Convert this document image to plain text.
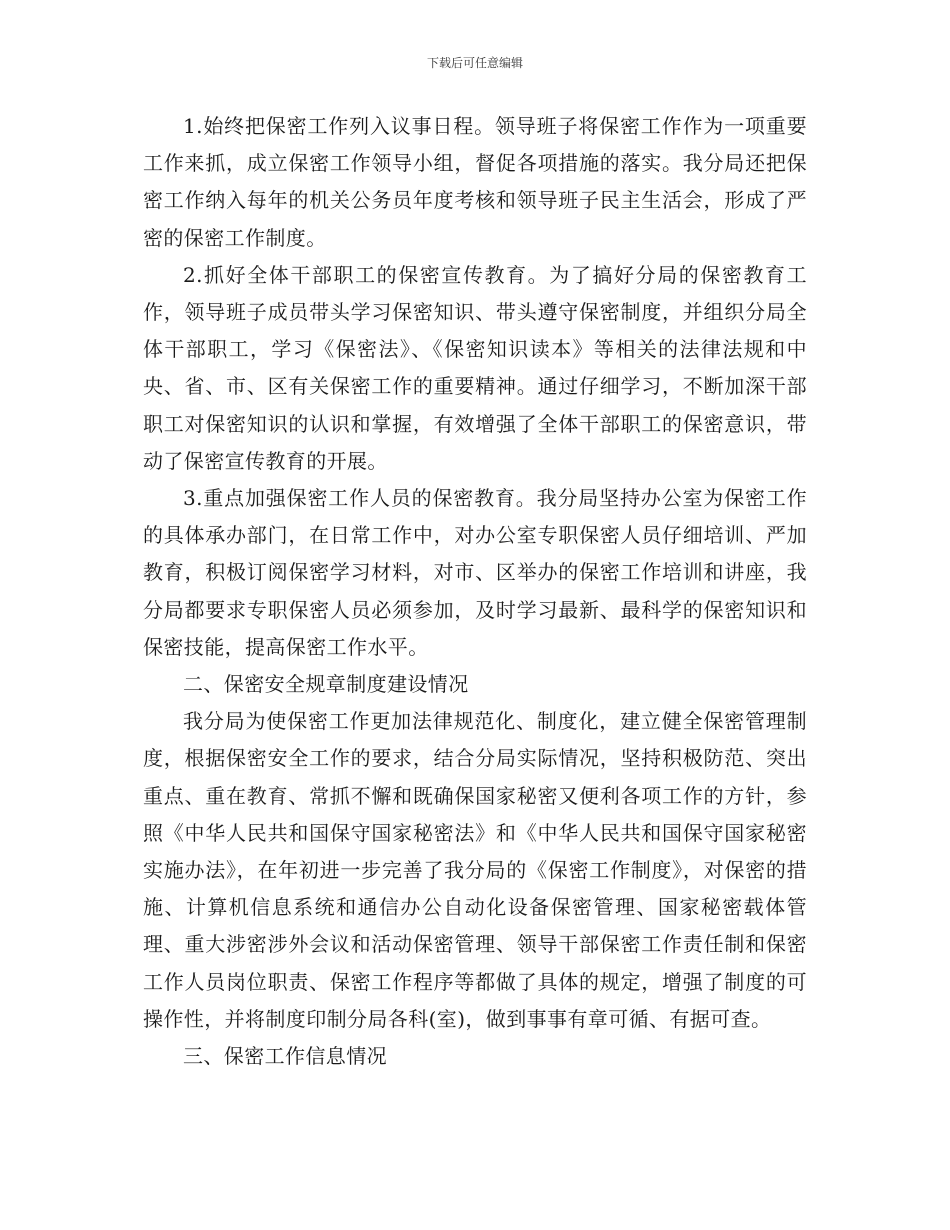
下载后可任意编辑

1.始终把保密工作列入议事日程。领导班子将保密工作作为一项重要工作来抓，成立保密工作领导小组，督促各项措施的落实。我分局还把保密工作纳入每年的机关公务员年度考核和领导班子民主生活会，形成了严密的保密工作制度。

2.抓好全体干部职工的保密宣传教育。为了搞好分局的保密教育工作，领导班子成员带头学习保密知识、带头遵守保密制度，并组织分局全体干部职工，学习《保密法》、《保密知识读本》等相关的法律法规和中央、省、市、区有关保密工作的重要精神。通过仔细学习，不断加深干部职工对保密知识的认识和掌握，有效增强了全体干部职工的保密意识，带动了保密宣传教育的开展。

3.重点加强保密工作人员的保密教育。我分局坚持办公室为保密工作的具体承办部门，在日常工作中，对办公室专职保密人员仔细培训、严加教育，积极订阅保密学习材料，对市、区举办的保密工作培训和讲座，我分局都要求专职保密人员必须参加，及时学习最新、最科学的保密知识和保密技能，提高保密工作水平。

二、保密安全规章制度建设情况

我分局为使保密工作更加法律规范化、制度化，建立健全保密管理制度，根据保密安全工作的要求，结合分局实际情况，坚持积极防范、突出重点、重在教育、常抓不懈和既确保国家秘密又便利各项工作的方针，参照《中华人民共和国保守国家秘密法》和《中华人民共和国保守国家秘密实施办法》，在年初进一步完善了我分局的《保密工作制度》，对保密的措施、计算机信息系统和通信办公自动化设备保密管理、国家秘密载体管理、重大涉密涉外会议和活动保密管理、领导干部保密工作责任制和保密工作人员岗位职责、保密工作程序等都做了具体的规定，增强了制度的可操作性，并将制度印制分局各科(室)，做到事事有章可循、有据可查。

三、保密工作信息情况
